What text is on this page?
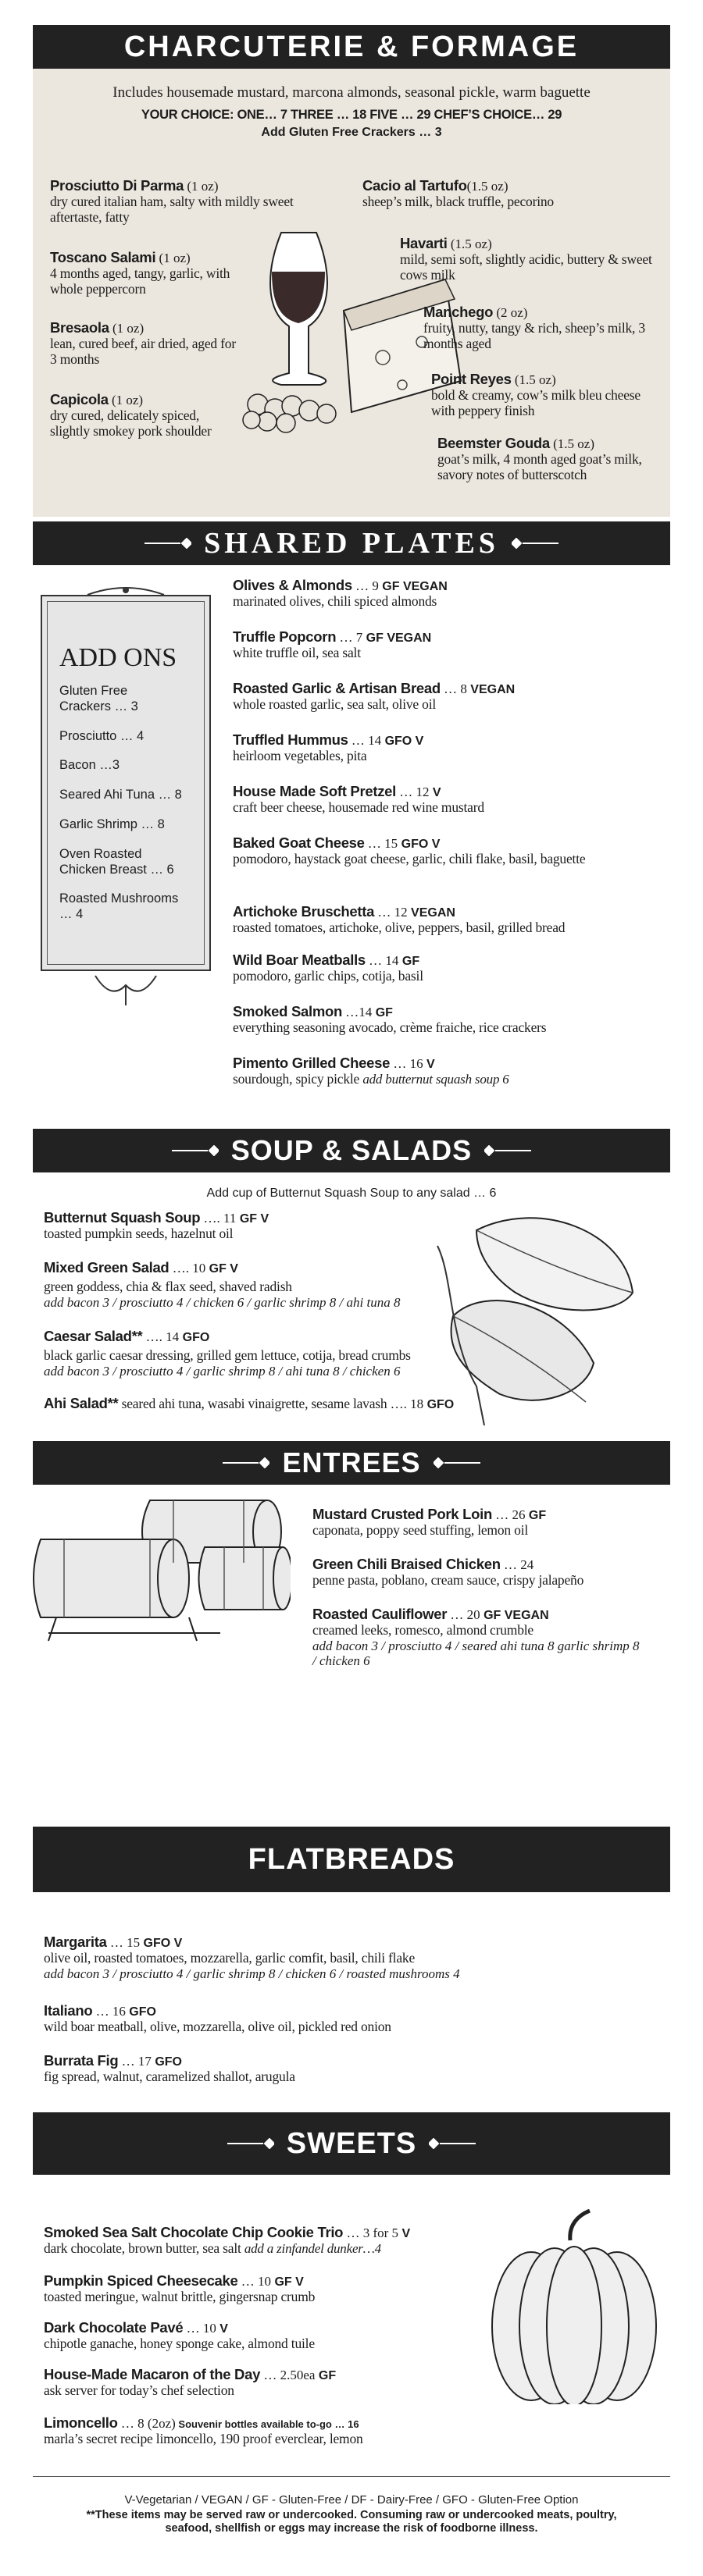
CHARCUTERIE & FORMAGE
Includes housemade mustard, marcona almonds, seasonal pickle, warm baguette
YOUR CHOICE: ONE… 7 THREE … 18 FIVE … 29 CHEF’S CHOICE… 29
Add Gluten Free Crackers … 3
Prosciutto Di Parma (1 oz)
dry cured italian ham, salty with mildly sweet aftertaste, fatty
Toscano Salami (1 oz)
4 months aged, tangy, garlic, with whole peppercorn
Bresaola (1 oz)
lean, cured beef, air dried, aged for 3 months
Capicola (1 oz)
dry cured, delicately spiced, slightly smokey pork shoulder
Cacio al Tartufo(1.5 oz)
sheep’s milk, black truffle, pecorino
Havarti (1.5 oz)
mild, semi soft, slightly acidic, buttery & sweet cows milk
Manchego (2 oz)
fruity, nutty, tangy & rich, sheep’s milk, 3 months aged
Point Reyes (1.5 oz)
bold & creamy, cow’s milk bleu cheese with peppery finish
Beemster Gouda (1.5 oz)
goat’s milk, 4 month aged goat’s milk, savory notes of butterscotch
SHARED PLATES
ADD ONS
Gluten Free Crackers … 3
Prosciutto … 4
Bacon …3
Seared Ahi Tuna … 8
Garlic Shrimp … 8
Oven Roasted Chicken Breast … 6
Roasted Mushrooms … 4
Olives & Almonds … 9 GF VEGAN
marinated olives, chili spiced almonds
Truffle Popcorn … 7 GF VEGAN
white truffle oil, sea salt
Roasted Garlic & Artisan Bread … 8 VEGAN
whole roasted garlic, sea salt, olive oil
Truffled Hummus … 14 GFO V
heirloom vegetables, pita
House Made Soft Pretzel … 12 V
craft beer cheese, housemade red wine mustard
Baked Goat Cheese … 15 GFO V
pomodoro, haystack goat cheese, garlic, chili flake, basil, baguette
Artichoke Bruschetta … 12 VEGAN
roasted tomatoes, artichoke, olive, peppers, basil, grilled bread
Wild Boar Meatballs … 14 GF
pomodoro, garlic chips, cotija, basil
Smoked Salmon …14 GF
everything seasoning avocado, crème fraiche, rice crackers
Pimento Grilled Cheese … 16 V
sourdough, spicy pickle add butternut squash soup 6
SOUP & SALADS
Add cup of Butternut Squash Soup to any salad … 6
Butternut Squash Soup …. 11 GF V
toasted pumpkin seeds, hazelnut oil
Mixed Green Salad …. 10 GF V
green goddess, chia & flax seed, shaved radish
add bacon 3 / prosciutto 4 / chicken 6 / garlic shrimp 8 / ahi tuna 8
Caesar Salad** …. 14 GFO
black garlic caesar dressing, grilled gem lettuce, cotija, bread crumbs
add bacon 3 / prosciutto 4 / garlic shrimp 8 / ahi tuna 8 / chicken 6
Ahi Salad** seared ahi tuna, wasabi vinaigrette, sesame lavash …. 18 GFO
ENTREES
Mustard Crusted Pork Loin … 26 GF
caponata, poppy seed stuffing, lemon oil
Green Chili Braised Chicken … 24
penne pasta, poblano, cream sauce, crispy jalapeño
Roasted Cauliflower … 20 GF VEGAN
creamed leeks, romesco, almond crumble
add bacon 3 / prosciutto 4 / seared ahi tuna 8 garlic shrimp 8 / chicken 6
FLATBREADS
Margarita … 15 GFO V
olive oil, roasted tomatoes, mozzarella, garlic comfit, basil, chili flake
add bacon 3 / prosciutto 4 / garlic shrimp 8 / chicken 6 / roasted mushrooms 4
Italiano … 16 GFO
wild boar meatball, olive, mozzarella, olive oil, pickled red onion
Burrata Fig … 17 GFO
fig spread, walnut, caramelized shallot, arugula
SWEETS
Smoked Sea Salt Chocolate Chip Cookie Trio … 3 for 5 V
dark chocolate, brown butter, sea salt add a zinfandel dunker…4
Pumpkin Spiced Cheesecake … 10 GF V
toasted meringue, walnut brittle, gingersnap crumb
Dark Chocolate Pavé … 10 V
chipotle ganache, honey sponge cake, almond tuile
House-Made Macaron of the Day … 2.50ea GF
ask server for today’s chef selection
Limoncello … 8 (2oz) Souvenir bottles available to-go … 16
marla’s secret recipe limoncello, 190 proof everclear, lemon
V-Vegetarian / VEGAN / GF - Gluten-Free / DF - Dairy-Free / GFO - Gluten-Free Option
**These items may be served raw or undercooked. Consuming raw or undercooked meats, poultry, seafood, shellfish or eggs may increase the risk of foodborne illness.
